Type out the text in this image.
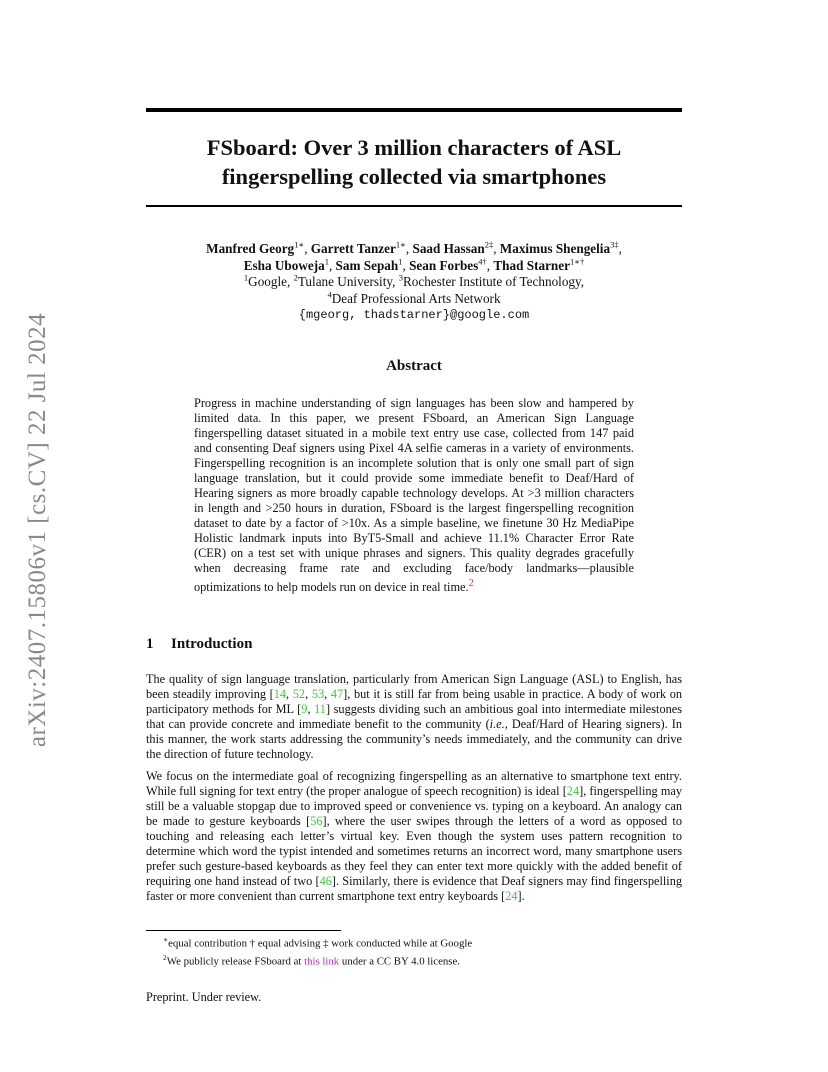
arXiv:2407.15806v1 [cs.CV] 22 Jul 2024
FSboard: Over 3 million characters of ASL
fingerspelling collected via smartphones
Manfred Georg$^{1∗}$, Garrett Tanzer$^{1∗}$, Saad Hassan$^{2\ddagger}$, Maximus Shengelia$^{3\ddagger}$,
Esha Uboweja$^1$, Sam Sepah$^1$, Sean Forbes$^{4\dagger}$, Thad Starner$^{1∗\dagger}$
$^1$Google, $^2$Tulane University, $^3$Rochester Institute of Technology,
$^4$Deaf Professional Arts Network
{mgeorg, thadstarner}@google.com
Abstract
Progress in machine understanding of sign languages has been slow and hampered by limited data. In this paper, we present FSboard, an American Sign Language fingerspelling dataset situated in a mobile text entry use case, collected from 147 paid and consenting Deaf signers using Pixel 4A selfie cameras in a variety of environments. Fingerspelling recognition is an incomplete solution that is only one small part of sign language translation, but it could provide some immediate benefit to Deaf/Hard of Hearing signers as more broadly capable technology develops. At >3 million characters in length and >250 hours in duration, FSboard is the largest fingerspelling recognition dataset to date by a factor of >10x. As a simple baseline, we finetune 30 Hz MediaPipe Holistic landmark inputs into ByT5-Small and achieve 11.1% Character Error Rate (CER) on a test set with unique phrases and signers. This quality degrades gracefully when decreasing frame rate and excluding face/body landmarks—plausible optimizations to help models run on device in real time.$^2$
1 Introduction

The quality of sign language translation, particularly from American Sign Language (ASL) to English, has been steadily improving [14, 52, 53, 47], but it is still far from being usable in practice. A body of work on participatory methods for ML [9, 11] suggests dividing such an ambitious goal into intermediate milestones that can provide concrete and immediate benefit to the community (i.e., Deaf/Hard of Hearing signers). In this manner, the work starts addressing the community’s needs immediately, and the community can drive the direction of future technology.

We focus on the intermediate goal of recognizing fingerspelling as an alternative to smartphone text entry. While full signing for text entry (the proper analogue of speech recognition) is ideal [24], fingerspelling may still be a valuable stopgap due to improved speed or convenience vs. typing on a keyboard. An analogy can be made to gesture keyboards [56], where the user swipes through the letters of a word as opposed to touching and releasing each letter’s virtual key. Even though the system uses pattern recognition to determine which word the typist intended and sometimes returns an incorrect word, many smartphone users prefer such gesture-based keyboards as they feel they can enter text more quickly with the added benefit of requiring one hand instead of two [46]. Similarly, there is evidence that Deaf signers may find fingerspelling faster or more convenient than current smartphone text entry keyboards [24].

∗equal contribution † equal advising ‡ work conducted while at Google
$^2$We publicly release FSboard at this link under a CC BY 4.0 license.
Preprint. Under review.
